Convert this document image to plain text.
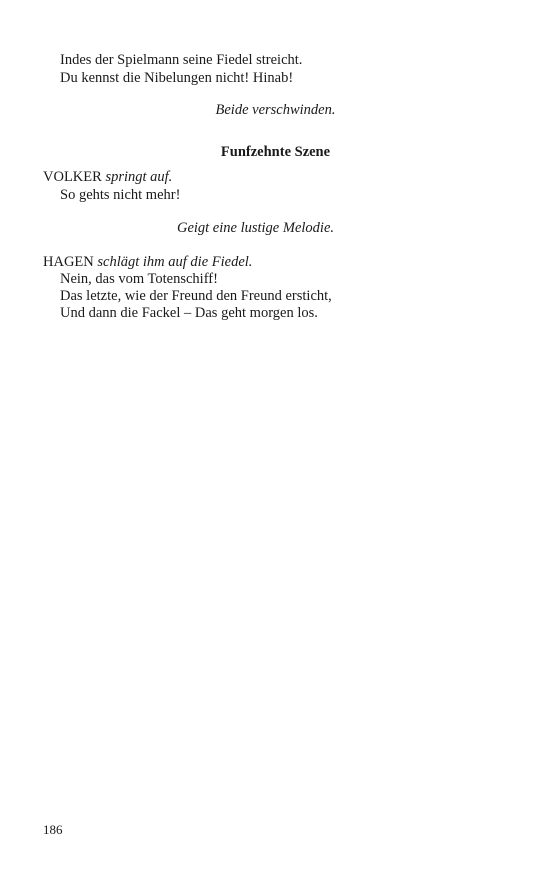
Indes der Spielmann seine Fiedel streicht.
Du kennst die Nibelungen nicht! Hinab!
Beide verschwinden.
Funfzehnte Szene
VOLKER springt auf.
So gehts nicht mehr!
Geigt eine lustige Melodie.
HAGEN schlägt ihm auf die Fiedel.
Nein, das vom Totenschiff!
Das letzte, wie der Freund den Freund ersticht,
Und dann die Fackel – Das geht morgen los.
186
